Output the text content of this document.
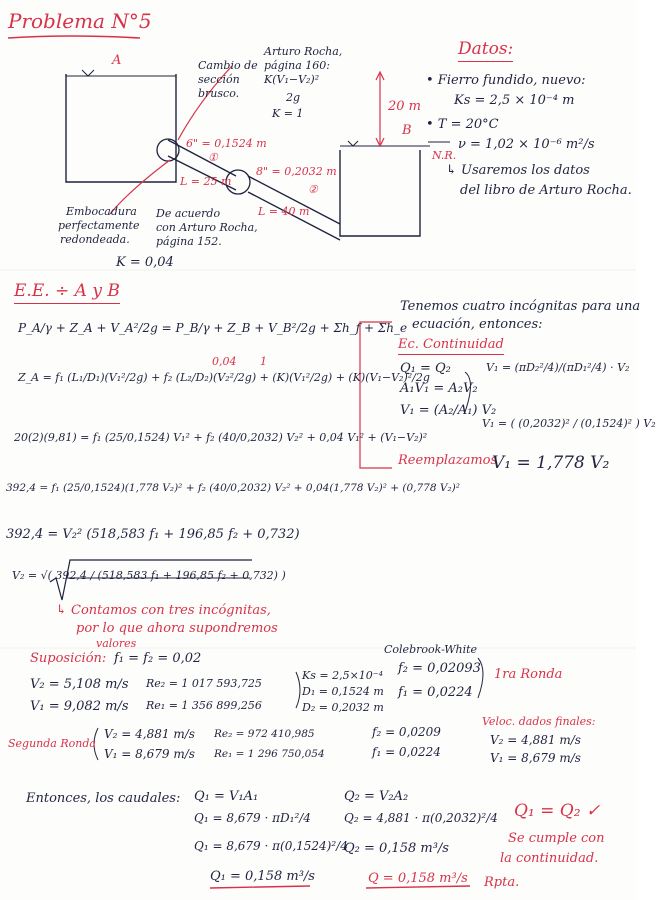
Problema N°5
A
B
Cambio de
sección
brusco.
Arturo Rocha,
página 160:
K(V₁−V₂)²
2g
K = 1
6" = 0,1524 m
①
8" = 0,2032 m
②
L = 25 m
L = 40 m
20 m
N.R.
Embocadura
perfectamente
redondeada.
De acuerdo
con Arturo Rocha,
página 152.
K = 0,04
Datos:
• Fierro fundido, nuevo:
Ks = 2,5 × 10⁻⁴ m
• T = 20°C
ν = 1,02 × 10⁻⁶ m²/s
↳ Usaremos los datos
del libro de Arturo Rocha.
E.E. ÷ A y B
P_A/γ + Z_A + V_A²/2g = P_B/γ + Z_B + V_B²/2g + Σh_f + Σh_e
Z_A = f₁ (L₁/D₁)(V₁²/2g) + f₂ (L₂/D₂)(V₂²/2g) + (K)(V₁²/2g) + (K)(V₁−V₂)²/2g
0,04 1
20(2)(9,81) = f₁ (25/0,1524) V₁² + f₂ (40/0,2032) V₂² + 0,04 V₁² + (V₁−V₂)²
392,4 = f₁ (25/0,1524)(1,778 V₂)² + f₂ (40/0,2032) V₂² + 0,04(1,778 V₂)² + (0,778 V₂)²
392,4 = V₂² (518,583 f₁ + 196,85 f₂ + 0,732)
V₂ = √( 392,4 / (518,583 f₁ + 196,85 f₂ + 0,732) )
↳ Contamos con tres incógnitas,
por lo que ahora supondremos
valores
Tenemos cuatro incógnitas para una
ecuación, entonces:
Ec. Continuidad
Q₁ = Q₂
A₁V₁ = A₂V₂
V₁ = (A₂/A₁) V₂
V₁ = (πD₂²/4)/(πD₁²/4) · V₂
V₁ = ( (0,2032)² / (0,1524)² ) V₂
Reemplazamos
V₁ = 1,778 V₂
Suposición: f₁ = f₂ = 0,02
V₂ = 5,108 m/s Re₂ = 1 017 593,725
V₁ = 9,082 m/s Re₁ = 1 356 899,256
Ks = 2,5×10⁻⁴
D₁ = 0,1524 m
D₂ = 0,2032 m
Colebrook-White
f₂ = 0,02093
f₁ = 0,0224
1ra Ronda
Segunda Ronda
V₂ = 4,881 m/s Re₂ = 972 410,985	f₂ = 0,0209
V₁ = 8,679 m/s Re₁ = 1 296 750,054	f₁ = 0,0224
Veloc. dados finales:
V₂ = 4,881 m/s
V₁ = 8,679 m/s
Entonces, los caudales: Q₁ = V₁A₁
Q₁ = 8,679 · πD₁²/4
Q₁ = 8,679 · π(0,1524)²/4
Q₁ = 0,158 m³/s
Q₂ = V₂A₂
Q₂ = 4,881 · π(0,2032)²/4
Q₂ = 0,158 m³/s
Q₁ = Q₂ ✓
Se cumple con
la continuidad.
Q = 0,158 m³/s Rpta.
